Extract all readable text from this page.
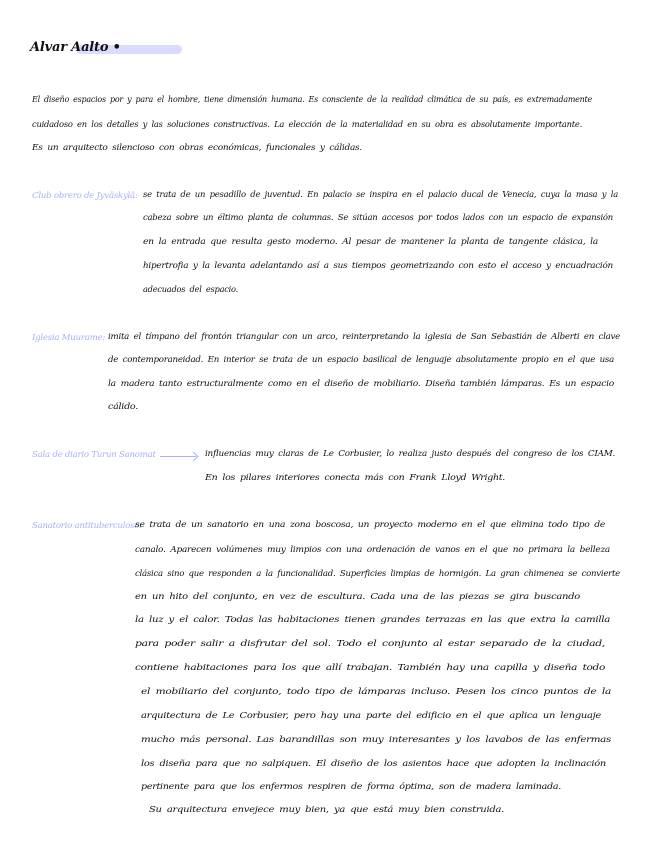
Alvar Aalto •
El diseño espacios por y para el hombre, tiene dimensión humana. Es consciente de la realidad climática de su país, es extremadamente
cuidadoso en los detalles y las soluciones constructivas. La elección de la materialidad en su obra es absolutamente importante.
Es un arquitecto silencioso con obras económicas, funcionales y cálidas.
Club obrero de Jyväskylä: se trata de un pesadillo de juventud. En palacio se inspira en el palacio ducal de Venecia, cuya la masa y la
cabeza sobre un éltimo planta de columnas. Se sitúan accesos por todos lados con un espacio de expansión
en la entrada que resulta gesto moderno. Al pesar de mantener la planta de tangente clásica, la
hipertrofia y la levanta adelantando así a sus tiempos geometrizando con esto el acceso y encuadración
adecuados del espacio.
Iglesia Muurame: imita el tímpano del frontón triangular con un arco, reinterpretando la iglesia de San Sebastián de Alberti en clave
de contemporaneidad. En interior se trata de un espacio basilical de lenguaje absolutamente propio en el que usa
la madera tanto estructuralmente como en el diseño de mobiliario. Diseña también lámparas. Es un espacio
cálido.
Sala de diario Turun Sanomat	influencias muy claras de Le Corbusier, lo realiza justo después del congreso de los CIAM.
En los pilares interiores conecta más con Frank Lloyd Wright.
Sanatorio antituberculoso:
se trata de un sanatorio en una zona boscosa, un proyecto moderno en el que elimina todo tipo de
canalo. Aparecen volúmenes muy limpios con una ordenación de vanos en el que no primara la belleza
clásica sino que responden a la funcionalidad. Superficies limpias de hormigón. La gran chimenea se convierte
en un hito del conjunto, en vez de escultura. Cada una de las piezas se gira buscando
la luz y el calor. Todas las habitaciones tienen grandes terrazas en las que extra la camilla
para poder salir a disfrutar del sol. Todo el conjunto al estar separado de la ciudad,
contiene habitaciones para los que allí trabajan. También hay una capilla y diseña todo
el mobiliario del conjunto, todo tipo de lámparas incluso. Pesen los cinco puntos de la
arquitectura de Le Corbusier, pero hay una parte del edificio en el que aplica un lenguaje
mucho más personal. Las barandillas son muy interesantes y los lavabos de las enfermas
los diseña para que no salpiquen. El diseño de los asientos hace que adopten la inclinación
pertinente para que los enfermos respiren de forma óptima, son de madera laminada.
Su arquitectura envejece muy bien, ya que está muy bien construida.
